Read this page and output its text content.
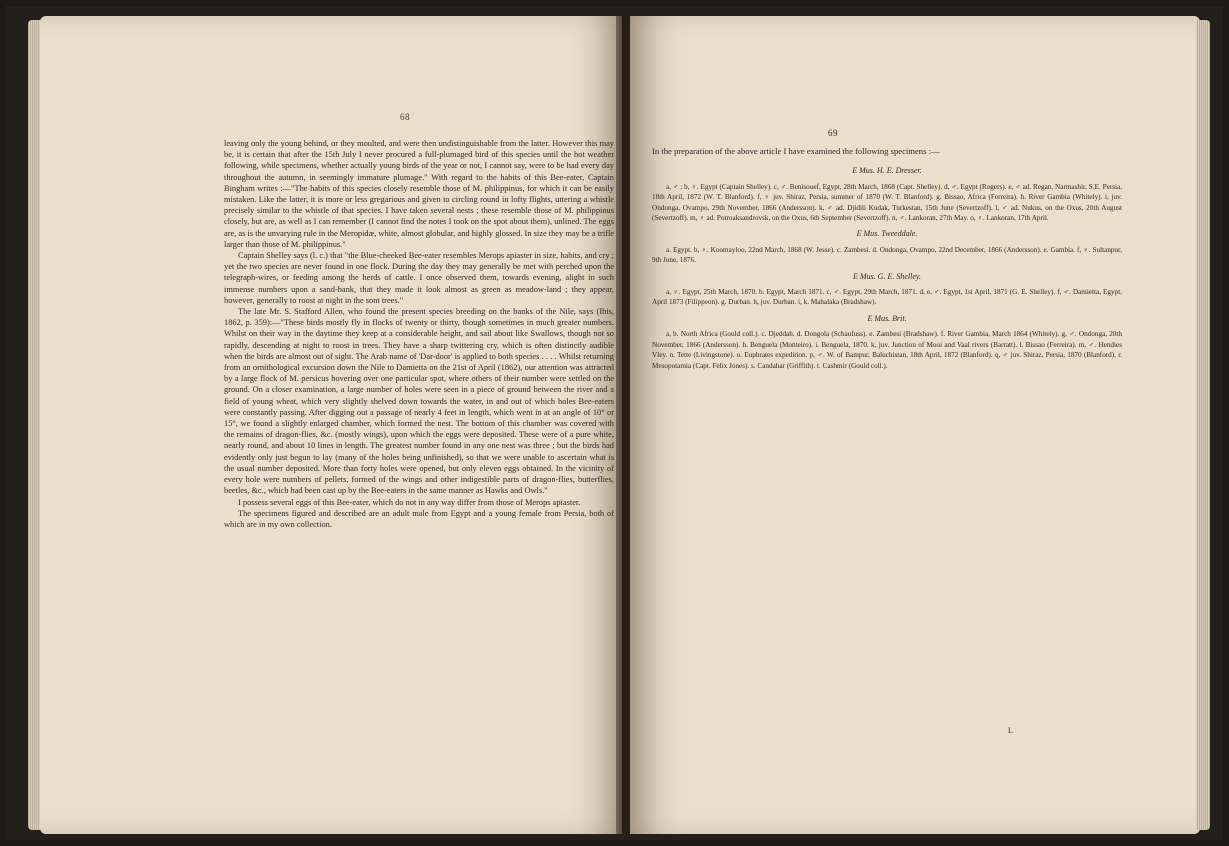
68

leaving only the young behind, or they moulted, and were then undistinguishable from the latter. However this may be, it is certain that after the 15th July I never procured a full-plumaged bird of this species until the hot weather following, while specimens, whether actually young birds of the year or not, I cannot say, were to be had every day throughout the autumn, in seemingly immature plumage." With regard to the habits of this Bee-eater, Captain Bingham writes :—"The habits of this species closely resemble those of M. philippinus, for which it can be easily mistaken. Like the latter, it is more or less gregarious and given to circling round in lofty flights, uttering a whistle precisely similar to the whistle of that species. I have taken several nests ; these resemble those of M. philippinus closely, but are, as well as I can remember (I cannot find the notes I took on the spot about them), unlined. The eggs are, as is the unvarying rule in the Meropidæ, white, almost globular, and highly glossed. In size they may be a trifle larger than those of M. philippinus."

Captain Shelley says (l. c.) that "the Blue-cheeked Bee-eater resembles Merops apiaster in size, habits, and cry ; yet the two species are never found in one flock. During the day they may generally be met with perched upon the telegraph-wires, or feeding among the herds of cattle. I once observed them, towards evening, alight in such immense numbers upon a sand-bank, that they made it look almost as green as meadow-land ; they appear, however, generally to roost at night in the sont trees."

The late Mr. S. Stafford Allen, who found the present species breeding on the banks of the Nile, says (Ibis, 1862, p. 359):—"These birds mostly fly in flocks of twenty or thirty, though sometimes in much greater numbers. Whilst on their way in the daytime they keep at a considerable height, and sail about like Swallows, though not so rapidly, descending at night to roost in trees. They have a sharp twittering cry, which is often distinctly audible when the birds are almost out of sight. The Arab name of 'Dar-door' is applied to both species . . . . Whilst returning from an ornithological excursion down the Nile to Damietta on the 21st of April (1862), our attention was attracted by a large flock of M. persicus hovering over one particular spot, where others of their number were settled on the ground. On a closer examination, a large number of holes were seen in a piece of ground between the river and a field of young wheat, which very slightly shelved down towards the water, in and out of which holes Bee-eaters were constantly passing. After digging out a passage of nearly 4 feet in length, which went in at an angle of 10° or 15°, we found a slightly enlarged chamber, which formed the nest. The bottom of this chamber was covered with the remains of dragon-flies, &c. (mostly wings), upon which the eggs were deposited. These were of a pure white, nearly round, and about 10 lines in length. The greatest number found in any one nest was three ; but the birds had evidently only just begun to lay (many of the holes being unfinished), so that we were unable to ascertain what is the usual number deposited. More than forty holes were opened, but only eleven eggs obtained. In the vicinity of every hole were numbers of pellets, formed of the wings and other indigestible parts of dragon-flies, butterflies, beetles, &c., which had been cast up by the Bee-eaters in the same manner as Hawks and Owls."

I possess several eggs of this Bee-eater, which do not in any way differ from those of Merops apiaster.

The specimens figured and described are an adult male from Egypt and a young female from Persia, both of which are in my own collection.

69

In the preparation of the above article I have examined the following specimens :—

E Mus. H. E. Dresser.

a, ♂ ; b, ♀. Egypt (Captain Shelley). c, ♂. Benisouef, Egypt, 28th March, 1868 (Capt. Shelley). d, ♂. Egypt (Rogers). e, ♂ ad. Regan, Narmashir, S.E. Persia, 18th April, 1872 (W. T. Blanford). f, ♀ juv. Shiraz, Persia, summer of 1870 (W. T. Blanford). g. Bissao, Africa (Ferreira). h. River Gambia (Whitely). i, juv. Ondonga, Ovampo, 29th November, 1866 (Andersson). k, ♂ ad. Djidili Kudak, Turkestan, 15th June (Severtzoff). l, ♂ ad. Nukus, on the Oxus, 20th August (Severtzoff). m, ♀ ad. Potroaksandrovsk, on the Oxus, 6th September (Severtzoff). n, ♂. Lankoran, 27th May. o, ♀. Lankoran, 17th April.

E Mus. Tweeddale.

a. Egypt. b, ♀. Koomayloo, 22nd March, 1868 (W. Jesse). c. Zambesi. d. Ondonga, Ovampo, 22nd December, 1866 (Andersson). e. Gambia. f, ♀. Sultanpur, 9th June, 1876.

E Mus. G. E. Shelley.

a, ♀. Egypt, 25th March, 1870. b. Egypt, March 1871. c, ♂. Egypt, 29th March, 1871. d, e, ♂. Egypt, 1st April, 1871 (G. E. Shelley). f, ♂. Damietta, Egypt, April 1873 (Filippeon). g. Durban. h, juv. Durban. i, k. Mahalaka (Bradshaw).

E Mus. Brit.

a, b. North Africa (Gould coll.). c. Djeddah. d. Dongola (Schaufuss). e. Zambesi (Bradshaw). f. River Gambia, March 1864 (Whitely). g, ♂. Ondonga, 20th November, 1866 (Andersson). h. Benguela (Monteiro). i. Benguela, 1870. k, juv. Junction of Mooi and Vaal rivers (Barratt). l. Bissao (Ferreira). m, ♂. Hendies Vley. n. Tette (Livingstone). o. Euphrates expedition. p, ♂. W. of Bampur, Baluchistan, 18th April, 1872 (Blanford). q, ♂ juv. Shiraz, Persia, 1870 (Blanford). r. Mesopotamia (Capt. Felix Jones). s. Candahar (Griffith). t. Cashmir (Gould coll.).

L
